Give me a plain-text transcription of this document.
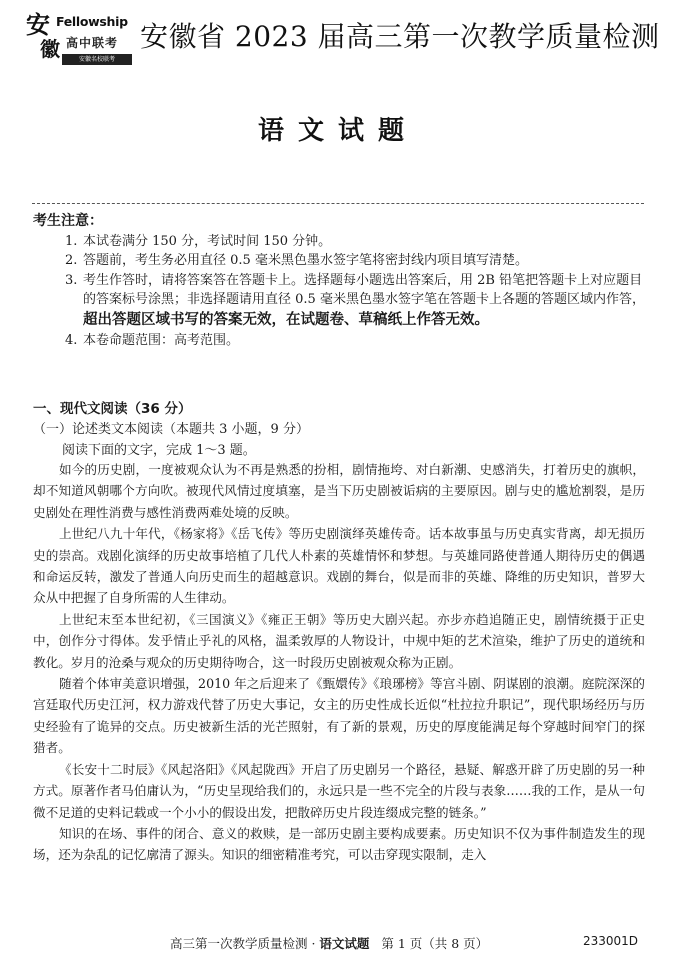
安
徽
Fellowship
高中联考
安徽名校联考
安徽省 2023 届高三第一次教学质量检测
语文试题
考生注意：
1. 本试卷满分 150 分，考试时间 150 分钟。
2. 答题前，考生务必用直径 0.5 毫米黑色墨水签字笔将密封线内项目填写清楚。
3. 考生作答时，请将答案答在答题卡上。选择题每小题选出答案后，用 2B 铅笔把答题卡上对应题目的答案标号涂黑；非选择题请用直径 0.5 毫米黑色墨水签字笔在答题卡上各题的答题区域内作答，超出答题区域书写的答案无效，在试题卷、草稿纸上作答无效。
4. 本卷命题范围：高考范围。
一、现代文阅读（36 分）
（一）论述类文本阅读（本题共 3 小题，9 分）
阅读下面的文字，完成 1～3 题。

如今的历史剧，一度被观众认为不再是熟悉的扮相，剧情拖垮、对白新潮、史感消失，打着历史的旗帜，却不知道风朝哪个方向吹。被现代风情过度填塞，是当下历史剧被诟病的主要原因。剧与史的尴尬割裂，是历史剧处在理性消费与感性消费两难处境的反映。

上世纪八九十年代，《杨家将》《岳飞传》等历史剧演绎英雄传奇。话本故事虽与历史真实背离，却无损历史的崇高。戏剧化演绎的历史故事培植了几代人朴素的英雄情怀和梦想。与英雄同路使普通人期待历史的偶遇和命运反转，激发了普通人向历史而生的超越意识。戏剧的舞台，似是而非的英雄、降维的历史知识，普罗大众从中把握了自身所需的人生律动。

上世纪末至本世纪初，《三国演义》《雍正王朝》等历史大剧兴起。亦步亦趋追随正史，剧情统摄于正史中，创作分寸得体。发乎情止乎礼的风格，温柔敦厚的人物设计，中规中矩的艺术渲染，维护了历史的道统和教化。岁月的沧桑与观众的历史期待吻合，这一时段历史剧被观众称为正剧。

随着个体审美意识增强，2010 年之后迎来了《甄嬛传》《琅琊榜》等宫斗剧、阴谋剧的浪潮。庭院深深的宫廷取代历史江河，权力游戏代替了历史大事记，女主的历史性成长近似“杜拉拉升职记”，现代职场经历与历史经验有了诡异的交点。历史被新生活的光芒照射，有了新的景观，历史的厚度能满足每个穿越时间窄门的探猎者。

《长安十二时辰》《风起洛阳》《风起陇西》开启了历史剧另一个路径，悬疑、解惑开辟了历史剧的另一种方式。原著作者马伯庸认为，“历史呈现给我们的，永远只是一些不完全的片段与表象……我的工作，是从一句微不足道的史料记载或一个小小的假设出发，把散碎历史片段连缀成完整的链条。”

知识的在场、事件的闭合、意义的救赎，是一部历史剧主要构成要素。历史知识不仅为事件制造发生的现场，还为杂乱的记忆廓清了源头。知识的细密精准考究，可以击穿现实限制，走入

高三第一次教学质量检测 · 语文试题 第 1 页（共 8 页）	233001D
